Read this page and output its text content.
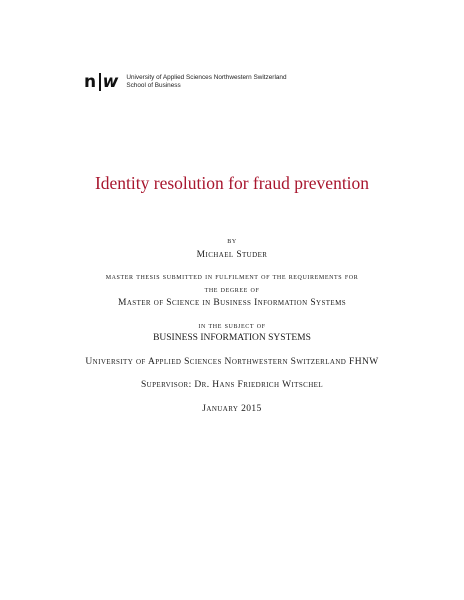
n w University of Applied Sciences Northwestern Switzerland
School of Business
Identity resolution for fraud prevention

by

Michael Studer

master thesis submitted in fulfilment of the requirements for

the degree of

Master of Science in Business Information Systems

in the subject of

BUSINESS INFORMATION SYSTEMS

University of Applied Sciences Northwestern Switzerland FHNW

Supervisor: Dr. Hans Friedrich Witschel

January 2015
